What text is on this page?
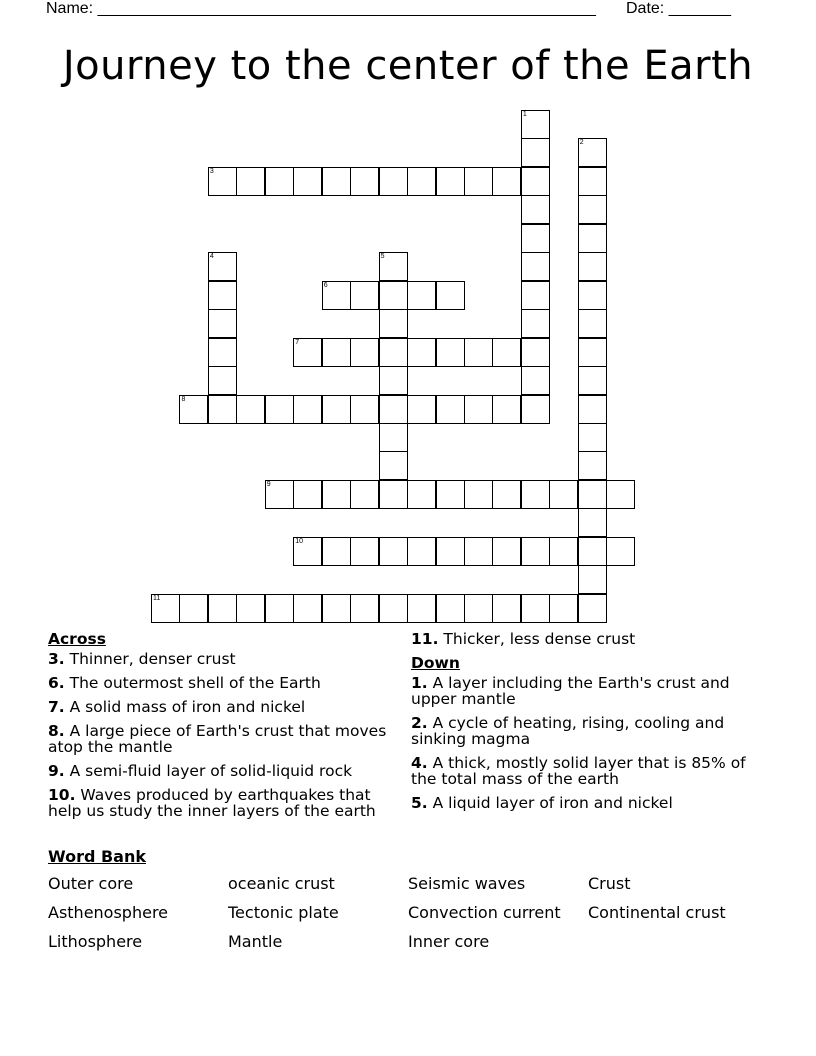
Name: ________________________________________________________ Date: _______
Journey to the center of the Earth
1
2
3
4	5
6
7
8
9
10
11
Across
3. Thinner, denser crust
6. The outermost shell of the Earth
7. A solid mass of iron and nickel
8. A large piece of Earth's crust that moves atop the mantle
9. A semi-fluid layer of solid-liquid rock
10. Waves produced by earthquakes that help us study the inner layers of the earth
11. Thicker, less dense crust
Down
1. A layer including the Earth's crust and upper mantle
2. A cycle of heating, rising, cooling and sinking magma
4. A thick, mostly solid layer that is 85% of the total mass of the earth
5. A liquid layer of iron and nickel
Word Bank
Outer core	oceanic crust	Seismic waves	Crust
Asthenosphere	Tectonic plate	Convection current	Continental crust
Lithosphere	Mantle	Inner core
